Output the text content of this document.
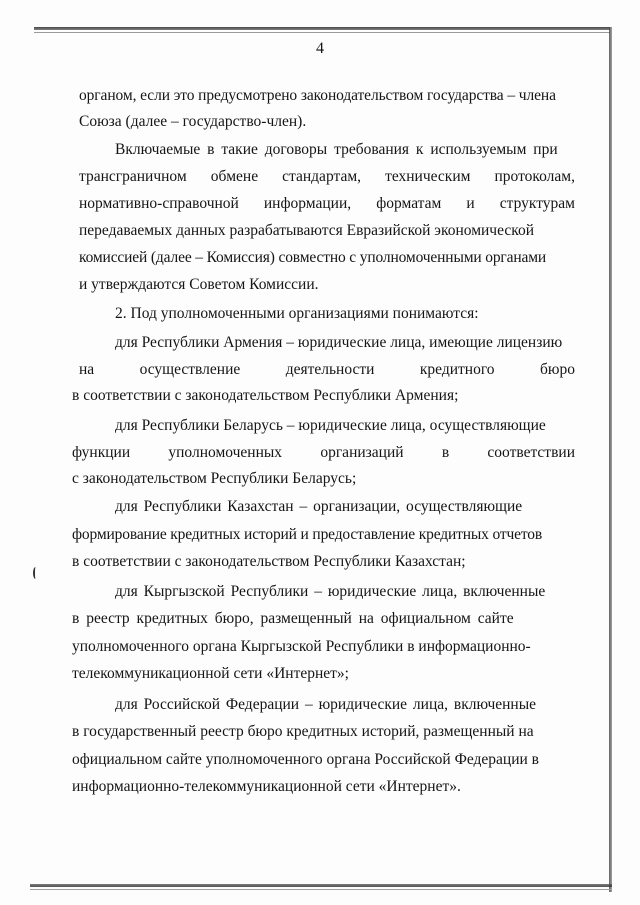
4
органом, если это предусмотрено законодательством государства – члена
Союза (далее – государство-член).
Включаемые в такие договоры требования к используемым при
трансграничном обмене стандартам, техническим протоколам,
нормативно-справочной информации, форматам и структурам
передаваемых данных разрабатываются Евразийской экономической
комиссией (далее – Комиссия) совместно с уполномоченными органами
и утверждаются Советом Комиссии.
2. Под уполномоченными организациями понимаются:
для Республики Армения – юридические лица, имеющие лицензию
на	осуществление	деятельности	кредитного	бюро
в соответствии с законодательством Республики Армения;
для Республики Беларусь – юридические лица, осуществляющие
функции уполномоченных организаций в соответствии
с законодательством Республики Беларусь;
для Республики Казахстан – организации, осуществляющие
формирование кредитных историй и предоставление кредитных отчетов
в соответствии с законодательством Республики Казахстан;
для Кыргызской Республики – юридические лица, включенные
в реестр кредитных бюро, размещенный на официальном сайте
уполномоченного органа Кыргызской Республики в информационно-
телекоммуникационной сети «Интернет»;
для Российской Федерации – юридические лица, включенные
в государственный реестр бюро кредитных историй, размещенный на
официальном сайте уполномоченного органа Российской Федерации в
информационно-телекоммуникационной сети «Интернет».
